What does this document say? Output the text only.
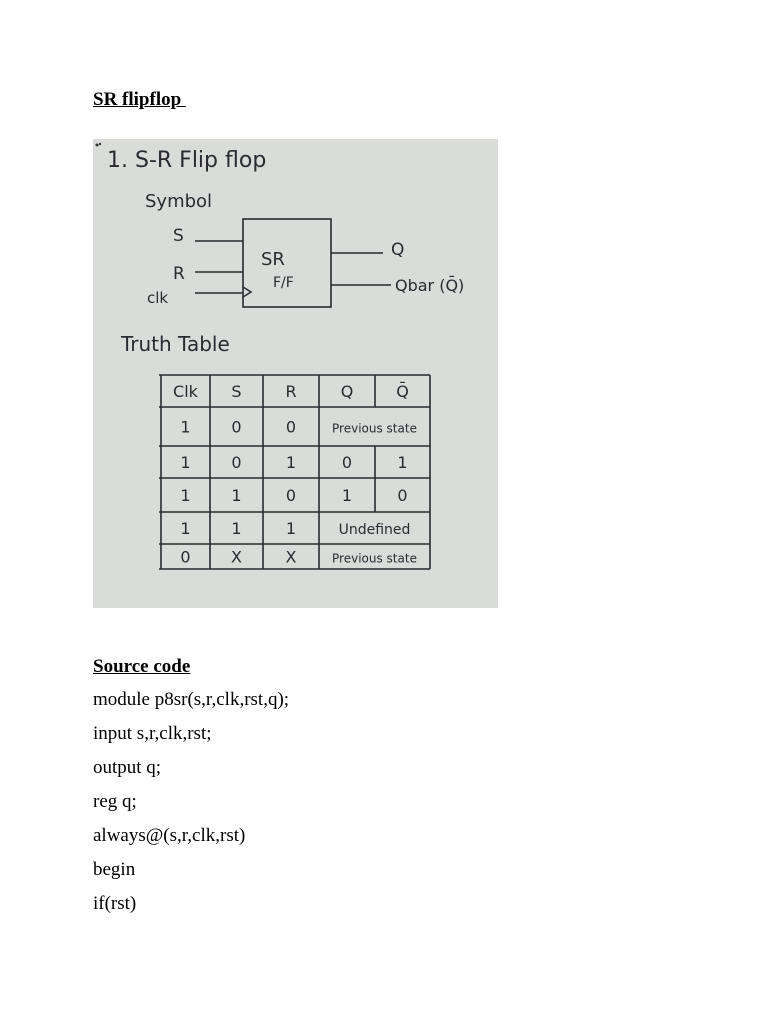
SR flipflop
1. S-R Flip flop
Symbol
SR
F/F
S
R
clk
Q
Qbar (Q̄)
Truth Table
Clk S	R	Q	Q̄
1	0	0	Previous state
1	0	1	0	1
1	1	0	1	0
1	1	1	Undefined
0	X	X	Previous state
Source code
module p8sr(s,r,clk,rst,q);
input s,r,clk,rst;
output q;
reg q;
always@(s,r,clk,rst)
begin
if(rst)
